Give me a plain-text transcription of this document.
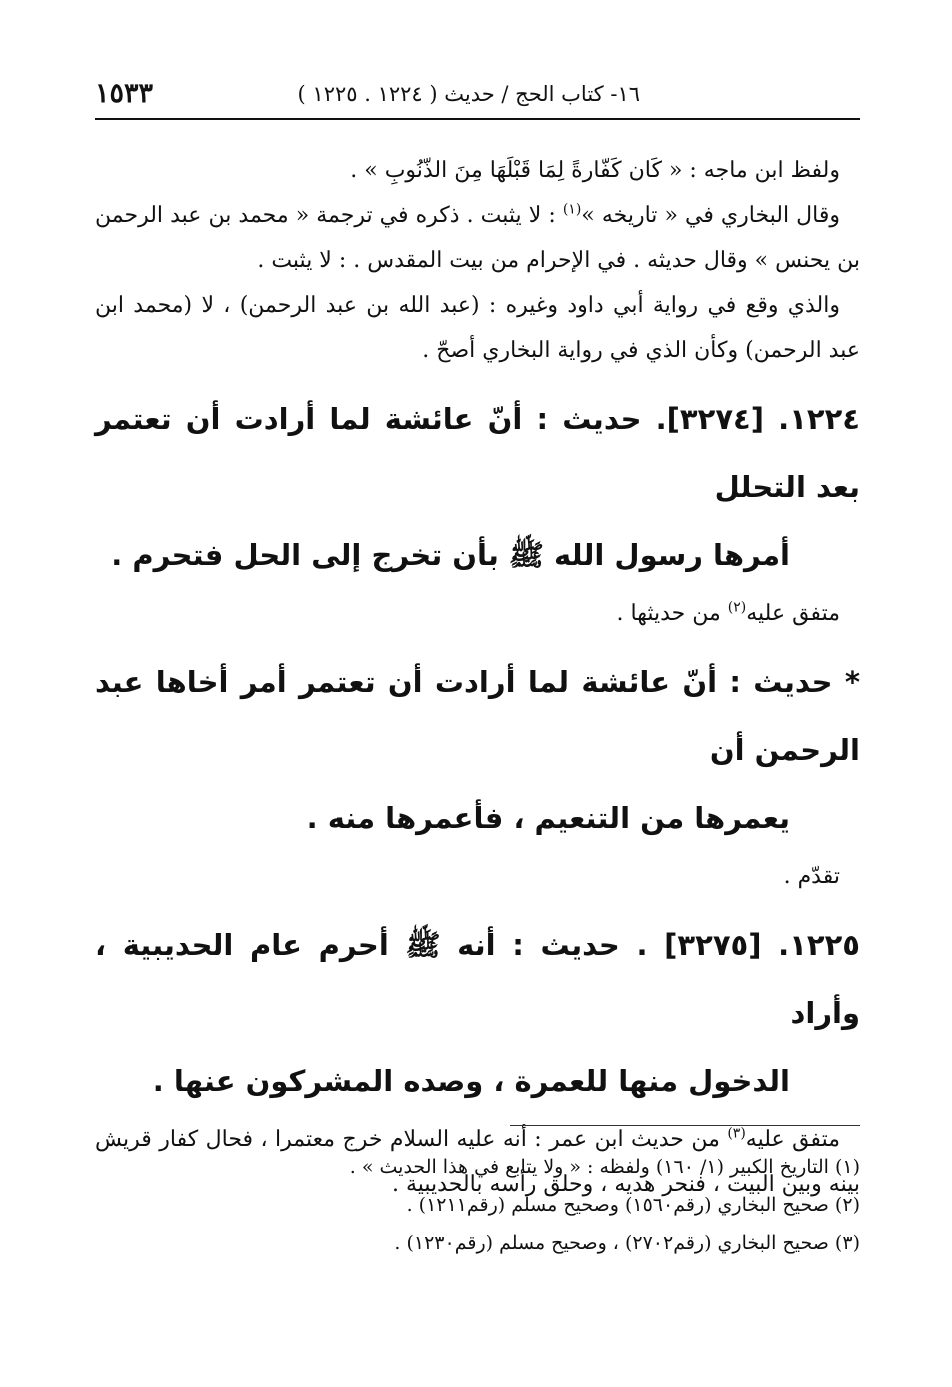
١٦- كتاب الحج / حديث ( ١٢٢٤ . ١٢٢٥ )
١٥٣٣

ولفظ ابن ماجه : « كَان كَفّارةً لِمَا قَبْلَهَا مِنَ الذّنُوبِ » .

وقال البخاري في « تاريخه »$^{(١)}$ : لا يثبت . ذكره في ترجمة « محمد بن عبد الرحمن بن يحنس » وقال حديثه . في الإحرام من بيت المقدس . : لا يثبت .

والذي وقع في رواية أبي داود وغيره : (عبد الله بن عبد الرحمن) ، لا (محمد ابن عبد الرحمن) وكأن الذي في رواية البخاري أصحّ .

١٢٢٤. [٣٢٧٤]. حديث : أنّ عائشة لما أرادت أن تعتمر بعد التحلل
أمرها رسول الله ﷺ بأن تخرج إلى الحل فتحرم .

متفق عليه$^{(٢)}$ من حديثها .

* حديث : أنّ عائشة لما أرادت أن تعتمر أمر أخاها عبد الرحمن أن
يعمرها من التنعيم ، فأعمرها منه .

تقدّم .

١٢٢٥. [٣٢٧٥] . حديث : أنه ﷺ أحرم عام الحديبية ، وأراد
الدخول منها للعمرة ، وصده المشركون عنها .

متفق عليه$^{(٣)}$ من حديث ابن عمر : أنه عليه السلام خرج معتمرا ، فحال كفار قريش بينه وبين البيت ، فنحر هديه ، وحلق رأسه بالحديبية .

(١) التاريخ الكبير (١/ ١٦٠) ولفظه : « ولا يتابع في هذا الحديث » .

(٢) صحيح البخاري (رقم١٥٦٠) وصحيح مسلم (رقم١٢١١) .

(٣) صحيح البخاري (رقم٢٧٠٢) ، وصحيح مسلم (رقم١٢٣٠) .
